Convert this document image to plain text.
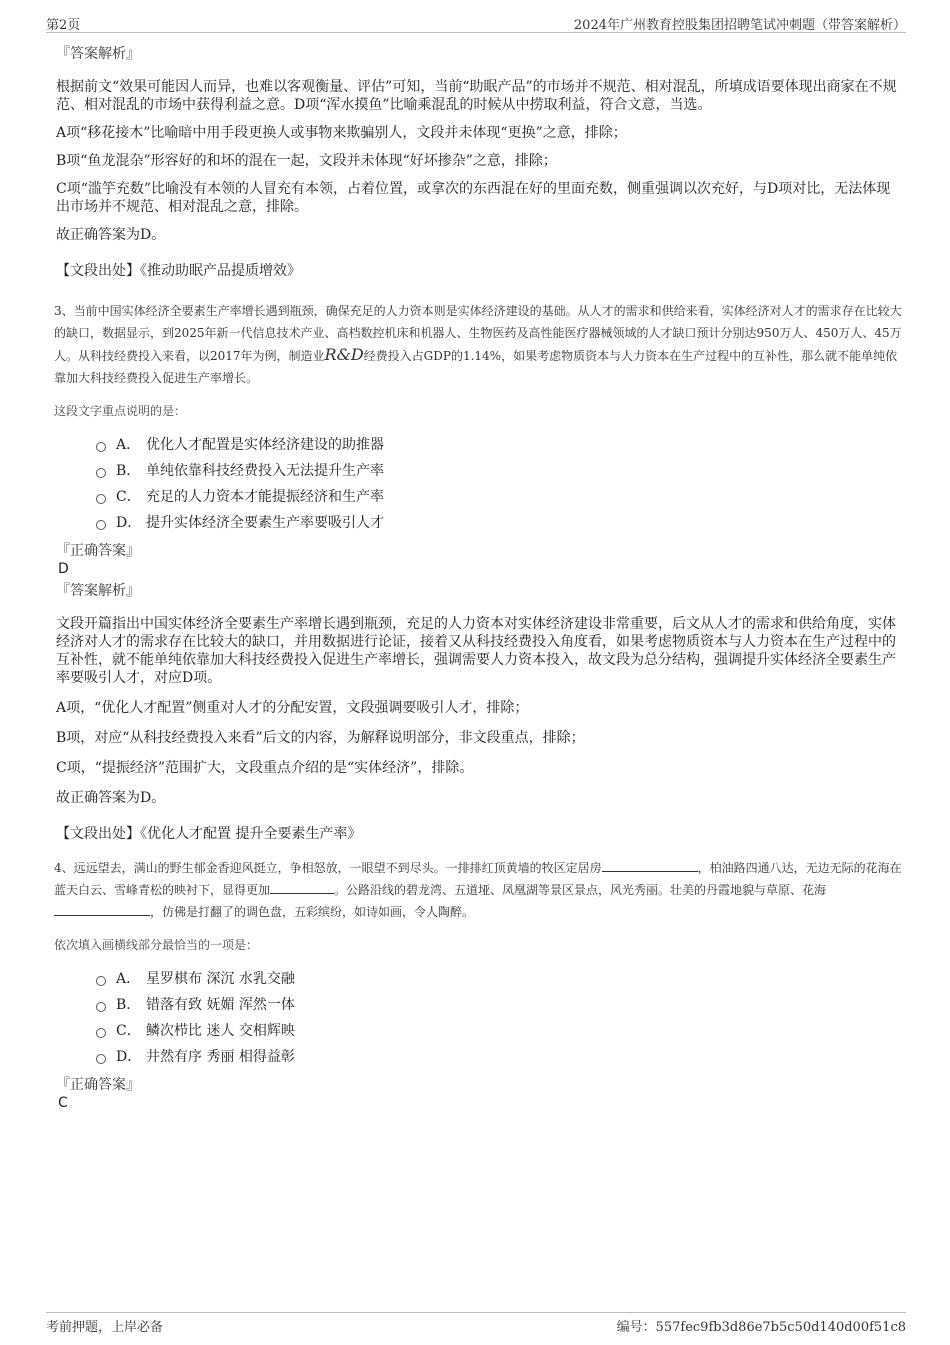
第2页	2024年广州教育控股集团招聘笔试冲刺题（带答案解析）
『答案解析』

根据前文“效果可能因人而异，也难以客观衡量、评估”可知，当前“助眠产品”的市场并不规范、相对混乱，所填成语要体现出商家在不规范、相对混乱的市场中获得利益之意。D项“浑水摸鱼”比喻乘混乱的时候从中捞取利益，符合文意，当选。

A项“移花接木”比喻暗中用手段更换人或事物来欺骗别人，文段并未体现“更换”之意，排除；

B项“鱼龙混杂”形容好的和坏的混在一起，文段并未体现“好坏掺杂”之意，排除；

C项“滥竽充数”比喻没有本领的人冒充有本领，占着位置，或拿次的东西混在好的里面充数，侧重强调以次充好，与D项对比，无法体现出市场并不规范、相对混乱之意，排除。

故正确答案为D。

【文段出处】《推动助眠产品提质增效》

3、当前中国实体经济全要素生产率增长遇到瓶颈，确保充足的人力资本则是实体经济建设的基础。从人才的需求和供给来看，实体经济对人才的需求存在比较大的缺口，数据显示，到2025年新一代信息技术产业、高档数控机床和机器人、生物医药及高性能医疗器械领域的人才缺口预计分别达950万人、450万人、45万人。从科技经费投入来看，以2017年为例，制造业R&D经费投入占GDP的1.14%，如果考虑物质资本与人力资本在生产过程中的互补性，那么就不能单纯依靠加大科技经费投入促进生产率增长。

这段文字重点说明的是：
A． 优化人才配置是实体经济建设的助推器
B． 单纯依靠科技经费投入无法提升生产率
C． 充足的人力资本才能提振经济和生产率
D． 提升实体经济全要素生产率要吸引人才
『正确答案』
D
『答案解析』

文段开篇指出中国实体经济全要素生产率增长遇到瓶颈，充足的人力资本对实体经济建设非常重要，后文从人才的需求和供给角度，实体经济对人才的需求存在比较大的缺口，并用数据进行论证，接着又从科技经费投入角度看，如果考虑物质资本与人力资本在生产过程中的互补性，就不能单纯依靠加大科技经费投入促进生产率增长，强调需要人力资本投入，故文段为总分结构，强调提升实体经济全要素生产率要吸引人才，对应D项。

A项，“优化人才配置”侧重对人才的分配安置，文段强调要吸引人才，排除；

B项，对应“从科技经费投入来看”后文的内容，为解释说明部分，非文段重点，排除；

C项，“提振经济”范围扩大，文段重点介绍的是“实体经济”，排除。

故正确答案为D。

【文段出处】《优化人才配置 提升全要素生产率》

4、远远望去，满山的野生郁金香迎风挺立，争相怒放，一眼望不到尽头。一排排红顶黄墙的牧区定居房	，柏油路四通八达，无边无际的花海在蓝天白云、雪峰青松的映衬下，显得更加	。公路沿线的碧龙湾、五道垭、凤凰湖等景区景点，风光秀丽。壮美的丹霞地貌与草原、花海，仿佛是打翻了的调色盘，五彩缤纷，如诗如画，令人陶醉。

依次填入画横线部分最恰当的一项是：
A． 星罗棋布 深沉 水乳交融
B． 错落有致 妩媚 浑然一体
C． 鳞次栉比 迷人 交相辉映
D． 井然有序 秀丽 相得益彰
『正确答案』
C
考前押题，上岸必备	编号：557fec9fb3d86e7b5c50d140d00f51c8
